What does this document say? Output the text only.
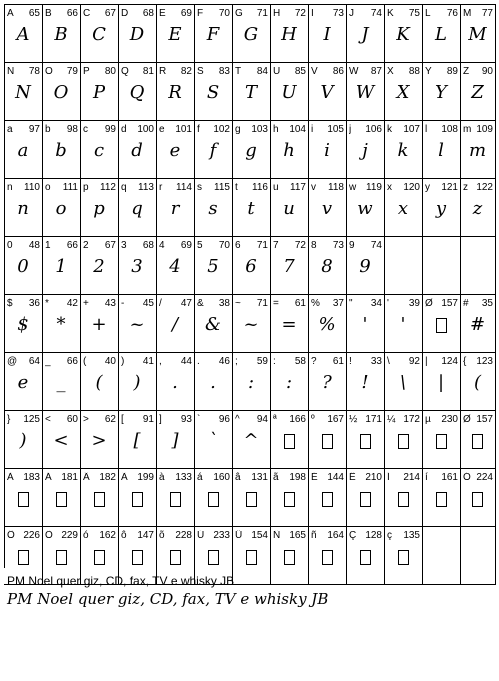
A 65
A
B 66
B
C 67
C
D 68
D
E 69
E
F 70
F
G 71
G
H 72
H
I 73
I
J 74
J
K 75
K
L 76
L
M 77
M
N 78
N
O 79
O
P 80
P
Q 81
Q
R 82
R
S 83
S
T 84
T
U 85
U
V 86
V
W 87
W
X 88
X
Y 89
Y
Z 90
Z
a 97
a
b 98
b
c 99
c
d 100
d
e 101
e
f 102
f
g 103
g
h 104
h
i 105
i
j 106
j
k 107
k
l 108
l
m 109
m
n 110
n
o 111
o
p 112
p
q 113
q
r 114
r
s 115
s
t 116
t
u 117
u
v 118
v
w 119
w
x 120
x
y 121
y
z 122
z
0 48
0
1 66
1
2 67
2
3 68
3
4 69
4
5 70
5
6 71
6
7 72
7
8 73
8
9 74
9
$ 36
$
* 42
*
+ 43
+
- 45
~
/ 47
/
& 38
&
~ 71
~
= 61
=
% 37
%
" 34
'
' 39
'
Ø 157 # 35
#
@ 64
e
_ 66
_
( 40
(
) 41
)
, 44
.
. 46
.
; 59
:
: 58
:
? 61
?
! 33
!
\ 92
\
| 124
|
{ 123
(
} 125
)
< 60
<
> 62
>
[ 91
[
] 93
]
` 96
`
^ 94
^
ª 166 º 167 ½ 171 ¼ 172 µ 230 Ø 157
À 183 Á 181 Â 182 Ã 199 à 133 á 160 â 131 ã 198 É 144 Ê 210 Í 214 í 161 Ó 224
Ô 226 Õ 229 ó 162 ô 147 õ 228 Ú 233 Ü 154 Ñ 165 ñ 164 Ç 128 ç 135
PM Noel quer giz, CD, fax, TV e whisky JB
PM Noel quer giz, CD, fax, TV e whisky JB
